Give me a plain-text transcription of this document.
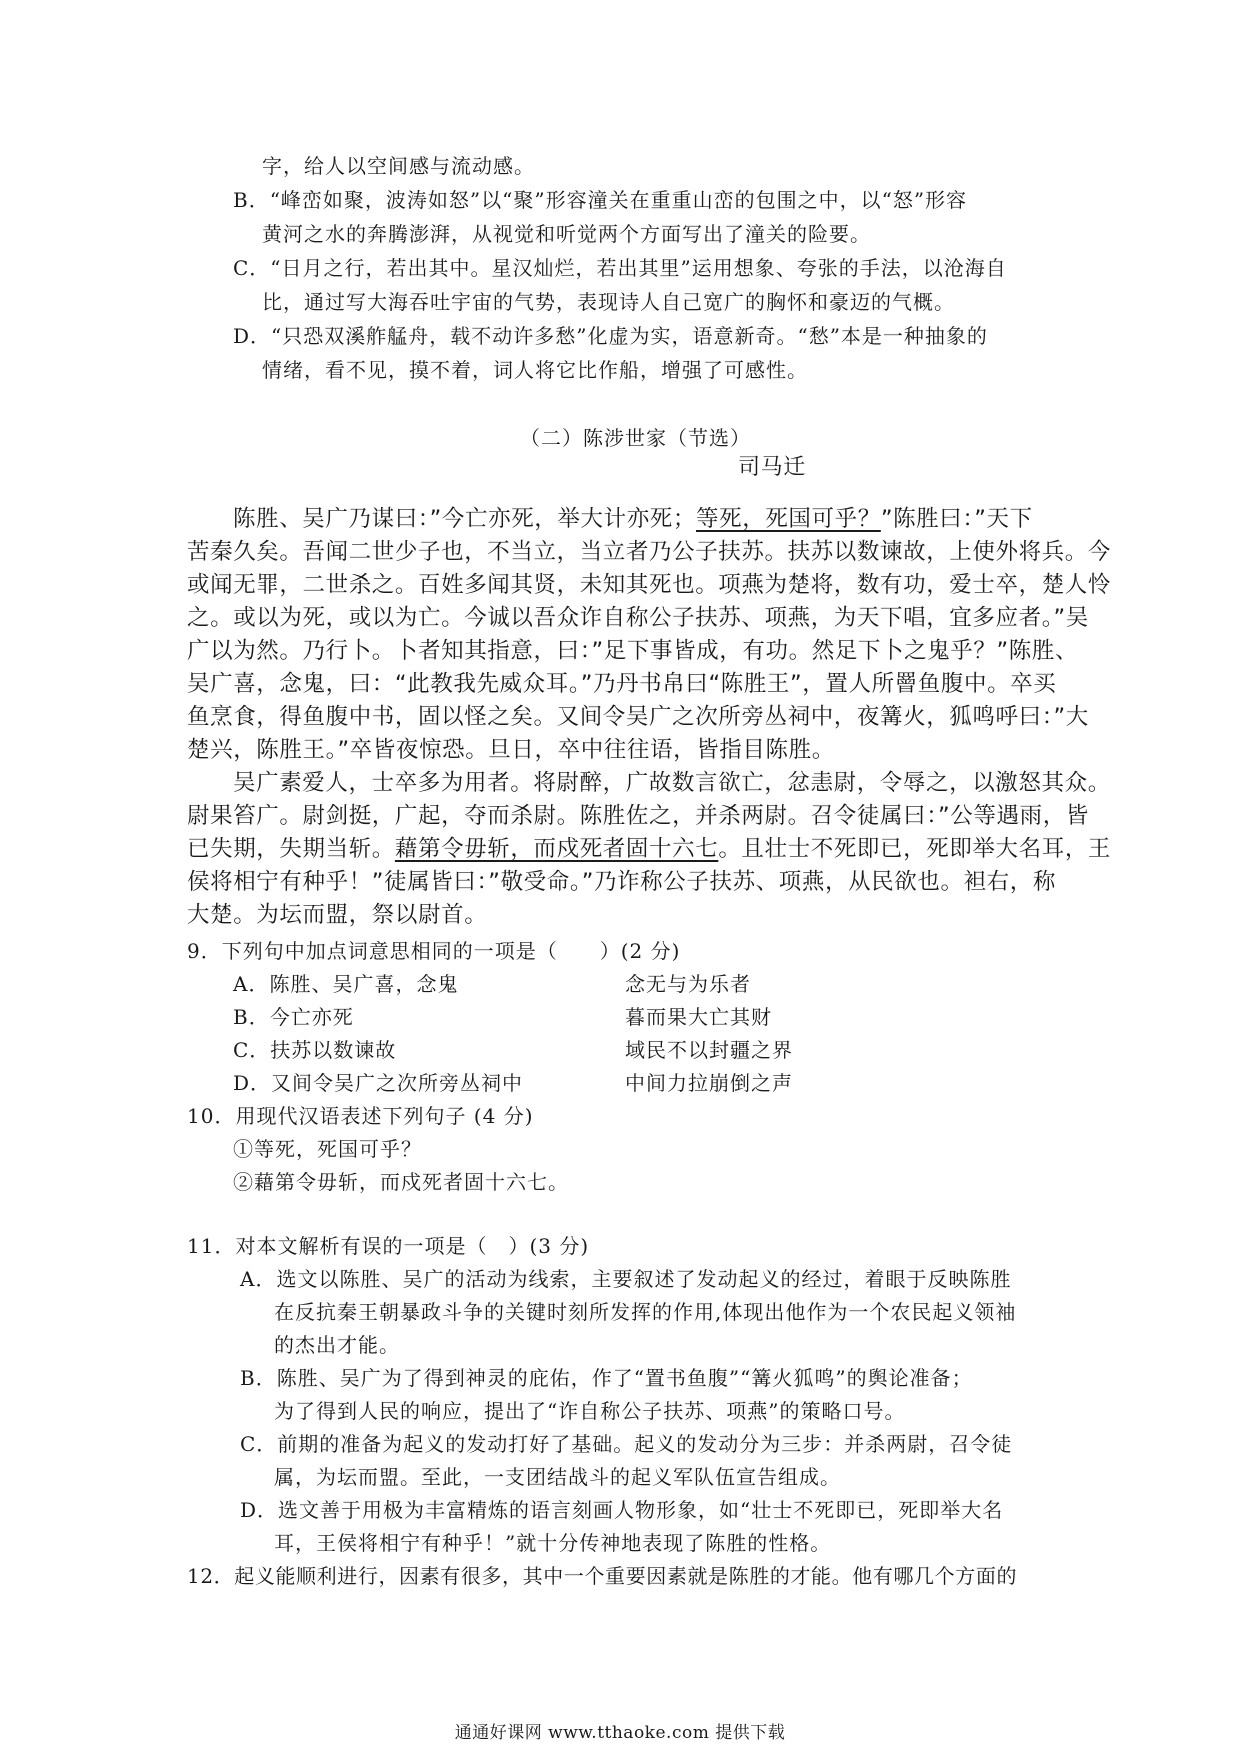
字，给人以空间感与流动感。
B．“峰峦如聚，波涛如怒”以“聚”形容潼关在重重山峦的包围之中，以“怒”形容
黄河之水的奔腾澎湃，从视觉和听觉两个方面写出了潼关的险要。
C．“日月之行，若出其中。星汉灿烂，若出其里”运用想象、夸张的手法，以沧海自
比，通过写大海吞吐宇宙的气势，表现诗人自己宽广的胸怀和豪迈的气概。
D．“只恐双溪舴艋舟，载不动许多愁”化虚为实，语意新奇。“愁”本是一种抽象的
情绪，看不见，摸不着，词人将它比作船，增强了可感性。
（二）陈涉世家（节选）
司马迁
陈胜、吴广乃谋曰：”今亡亦死，举大计亦死；等死，死国可乎？”陈胜曰：”天下
苦秦久矣。吾闻二世少子也，不当立，当立者乃公子扶苏。扶苏以数谏故，上使外将兵。今
或闻无罪，二世杀之。百姓多闻其贤，未知其死也。项燕为楚将，数有功，爱士卒，楚人怜
之。或以为死，或以为亡。今诚以吾众诈自称公子扶苏、项燕，为天下唱，宜多应者。”吴
广以为然。乃行卜。卜者知其指意，曰：”足下事皆成，有功。然足下卜之鬼乎？”陈胜、
吴广喜，念鬼，曰：“此教我先威众耳。”乃丹书帛曰“陈胜王”，置人所罾鱼腹中。卒买
鱼烹食，得鱼腹中书，固以怪之矣。又间令吴广之次所旁丛祠中，夜篝火，狐鸣呼曰：”大
楚兴，陈胜王。”卒皆夜惊恐。旦日，卒中往往语，皆指目陈胜。
吴广素爱人，士卒多为用者。将尉醉，广故数言欲亡，忿恚尉，令辱之，以激怒其众。
尉果笞广。尉剑挺，广起，夺而杀尉。陈胜佐之，并杀两尉。召令徒属曰：”公等遇雨，皆
已失期，失期当斩。藉第令毋斩，而戍死者固十六七。且壮士不死即已，死即举大名耳，王
侯将相宁有种乎！”徒属皆曰：”敬受命。”乃诈称公子扶苏、项燕，从民欲也。袒右，称
大楚。为坛而盟，祭以尉首。
9．下列句中加点词意思相同的一项是（　　）(2 分)
A．陈胜、吴广喜，念鬼	念无与为乐者
B．今亡亦死	暮而果大亡其财
C．扶苏以数谏故	域民不以封疆之界
D．又间令吴广之次所旁丛祠中	中间力拉崩倒之声
10．用现代汉语表述下列句子 (4 分)
①等死，死国可乎？
②藉第令毋斩，而戍死者固十六七。
11．对本文解析有误的一项是（　）(3 分)
A．选文以陈胜、吴广的活动为线索，主要叙述了发动起义的经过，着眼于反映陈胜
在反抗秦王朝暴政斗争的关键时刻所发挥的作用,体现出他作为一个农民起义领袖
的杰出才能。
B．陈胜、吴广为了得到神灵的庇佑，作了“置书鱼腹”“篝火狐鸣”的舆论准备；
为了得到人民的响应，提出了“诈自称公子扶苏、项燕”的策略口号。
C．前期的准备为起义的发动打好了基础。起义的发动分为三步：并杀两尉，召令徒
属，为坛而盟。至此，一支团结战斗的起义军队伍宣告组成。
D．选文善于用极为丰富精炼的语言刻画人物形象，如“壮士不死即已，死即举大名
耳，王侯将相宁有种乎！”就十分传神地表现了陈胜的性格。
12．起义能顺利进行，因素有很多，其中一个重要因素就是陈胜的才能。他有哪几个方面的
通通好课网 www.tthaoke.com 提供下载
